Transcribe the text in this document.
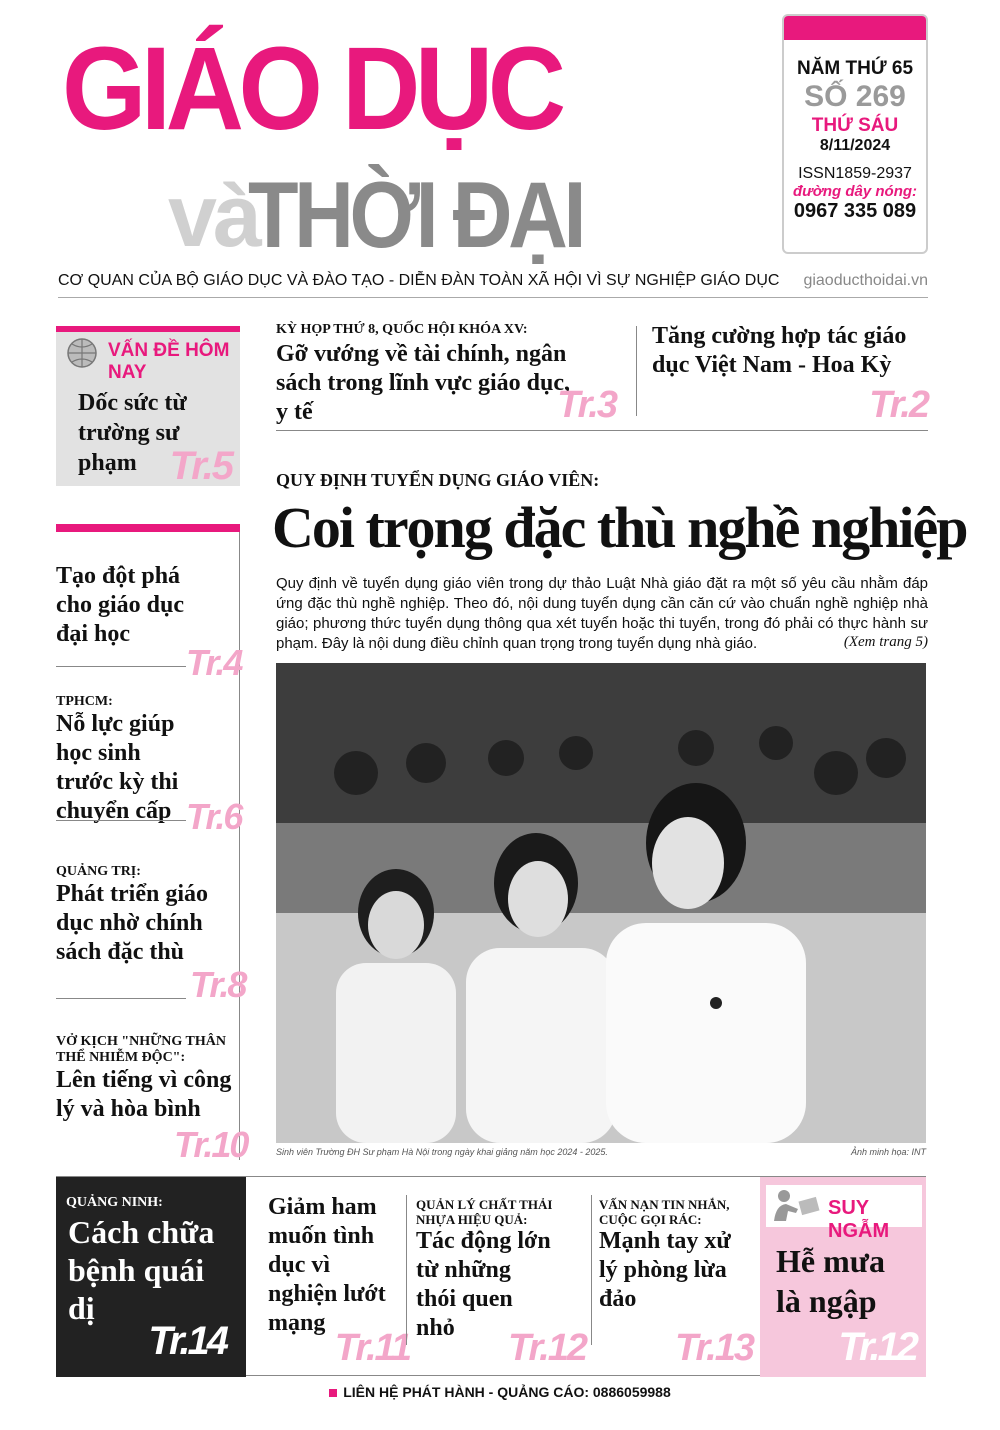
GIÁO DỤC
và
THỜI ĐẠI
NĂM THỨ 65
SỐ 269
THỨ SÁU
8/11/2024
ISSN1859-2937
đường dây nóng:
0967 335 089
CƠ QUAN CỦA BỘ GIÁO DỤC VÀ ĐÀO TẠO - DIỄN ĐÀN TOÀN XÃ HỘI VÌ SỰ NGHIỆP GIÁO DỤC giaoducthoidai.vn
VẤN ĐỀ HÔM NAY
Dốc sức từ trường sư phạm Tr.5
Tạo đột phá cho giáo dục đại học
Tr.4
TPHCM:
Nỗ lực giúp học sinh trước kỳ thi chuyển cấp Tr.6
QUẢNG TRỊ:
Phát triển giáo dục nhờ chính sách đặc thù
Tr.8
VỞ KỊCH "NHỮNG THÂN THỂ NHIỄM ĐỘC":
Lên tiếng vì công lý và hòa bình
Tr.10
KỲ HỌP THỨ 8, QUỐC HỘI KHÓA XV:
Gỡ vướng về tài chính, ngân sách trong lĩnh vực giáo dục, y tế	Tr.3
Tăng cường hợp tác giáo dục Việt Nam - Hoa Kỳ
Tr.2
QUY ĐỊNH TUYỂN DỤNG GIÁO VIÊN:
Coi trọng đặc thù nghề nghiệp
Quy định về tuyển dụng giáo viên trong dự thảo Luật Nhà giáo đặt ra một số yêu cầu nhằm đáp ứng đặc thù nghề nghiệp. Theo đó, nội dung tuyển dụng cần căn cứ vào chuẩn nghề nghiệp nhà giáo; phương thức tuyển dụng thông qua xét tuyển hoặc thi tuyển, trong đó phải có thực hành sư phạm. Đây là nội dung điều chỉnh quan trọng trong tuyển dụng nhà giáo.	(Xem trang 5)
Sinh viên Trường ĐH Sư phạm Hà Nội trong ngày khai giảng năm học 2024 - 2025.	Ảnh minh họa: INT
QUẢNG NINH:
Cách chữa bệnh quái dị
Tr.14
Giảm ham muốn tình dục vì nghiện lướt mạng
Tr.11
QUẢN LÝ CHẤT THẢI NHỰA HIỆU QUẢ:
Tác động lớn từ những thói quen nhỏ	Tr.12
VẤN NẠN TIN NHẮN, CUỘC GỌI RÁC:
Mạnh tay xử lý phòng lừa đảo
Tr.13
SUY NGẪM
Hễ mưa là ngập
Tr.12
LIÊN HỆ PHÁT HÀNH - QUẢNG CÁO: 0886059988
